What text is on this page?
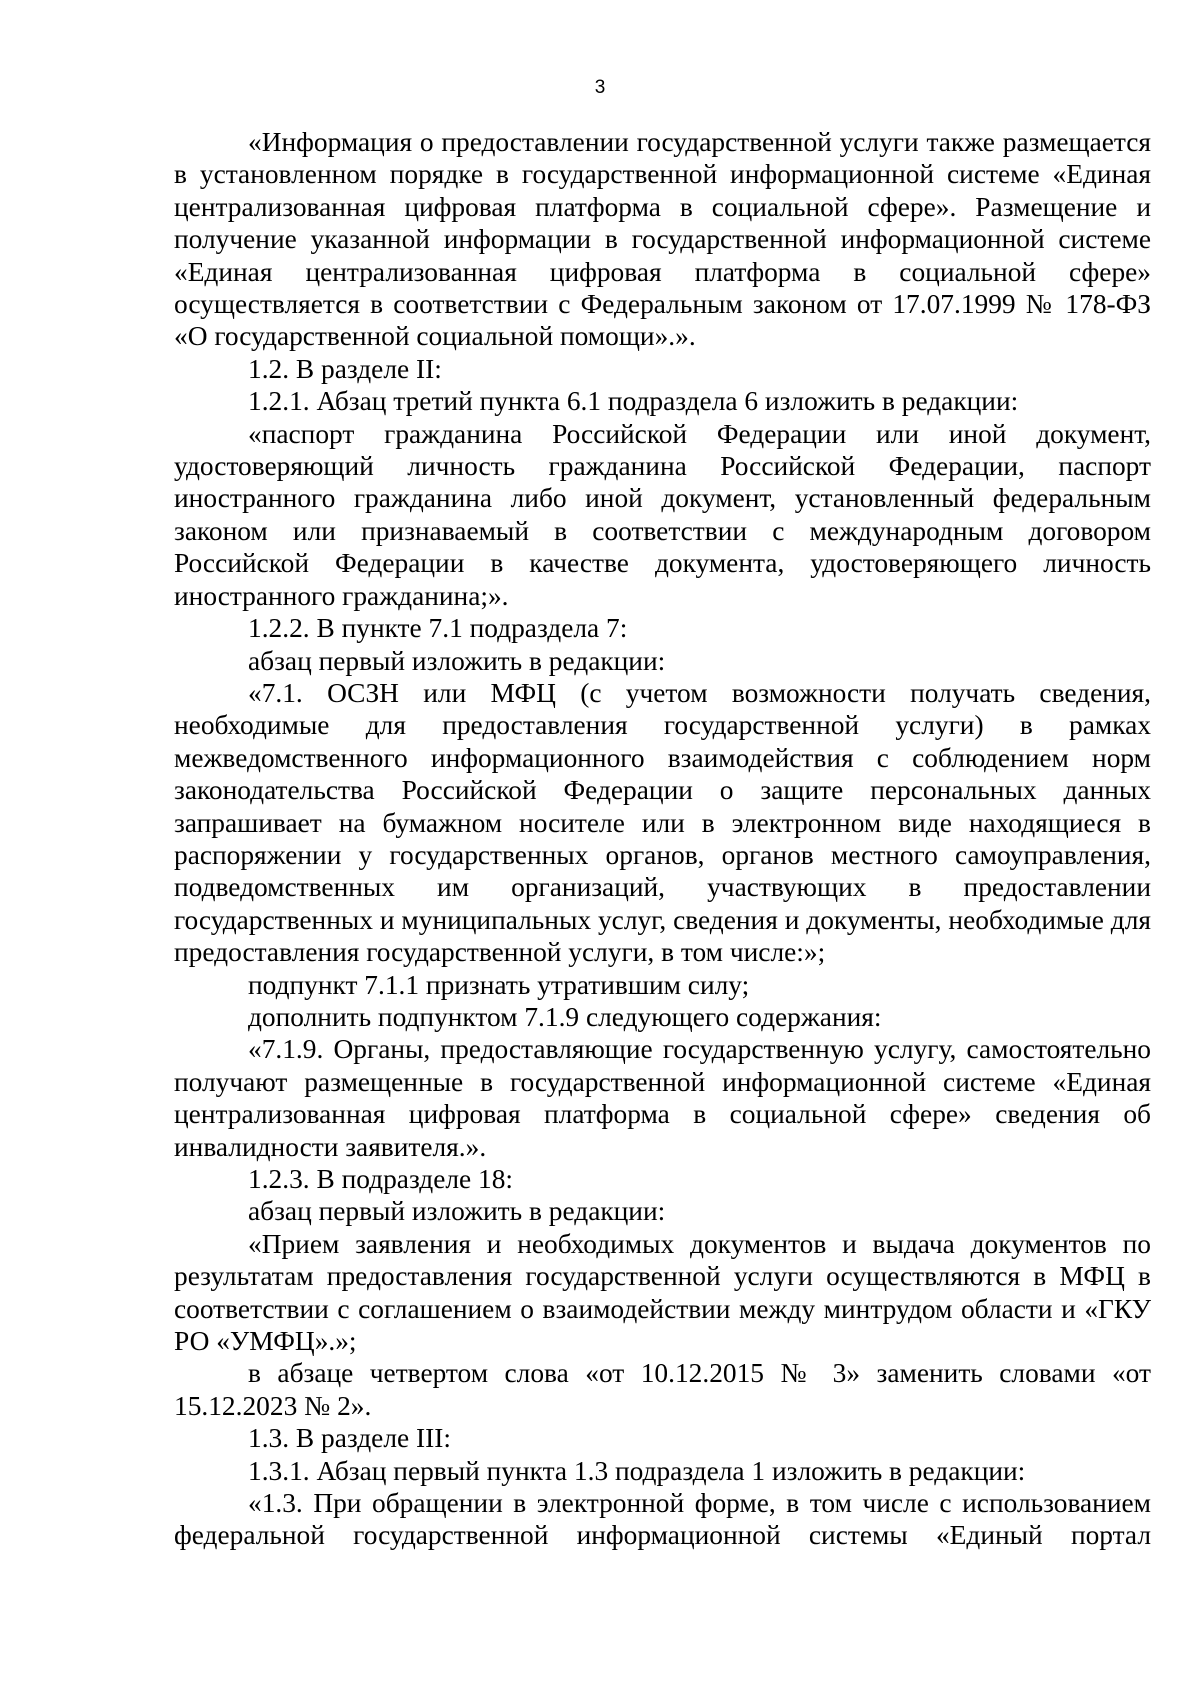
3

«Информация о предоставлении государственной услуги также размещается в установленном порядке в государственной информационной системе «Единая централизованная цифровая платформа в социальной сфере». Размещение и получение указанной информации в государственной информационной системе «Единая централизованная цифровая платформа в социальной сфере» осуществляется в соответствии с Федеральным законом от 17.07.1999 № 178-ФЗ «О государственной социальной помощи».».

1.2. В разделе II:

1.2.1. Абзац третий пункта 6.1 подраздела 6 изложить в редакции:

«паспорт гражданина Российской Федерации или иной документ, удостоверяющий личность гражданина Российской Федерации, паспорт иностранного гражданина либо иной документ, установленный федеральным законом или признаваемый в соответствии с международным договором Российской Федерации в качестве документа, удостоверяющего личность иностранного гражданина;».

1.2.2. В пункте 7.1 подраздела 7:

абзац первый изложить в редакции:

«7.1. ОСЗН или МФЦ (с учетом возможности получать сведения, необходимые для предоставления государственной услуги) в рамках межведомственного информационного взаимодействия с соблюдением норм законодательства Российской Федерации о защите персональных данных запрашивает на бумажном носителе или в электронном виде находящиеся в распоряжении у государственных органов, органов местного самоуправления, подведомственных им организаций, участвующих в предоставлении государственных и муниципальных услуг, сведения и документы, необходимые для предоставления государственной услуги, в том числе:»;

подпункт 7.1.1 признать утратившим силу;

дополнить подпунктом 7.1.9 следующего содержания:

«7.1.9. Органы, предоставляющие государственную услугу, самостоятельно получают размещенные в государственной информационной системе «Единая централизованная цифровая платформа в социальной сфере» сведения об инвалидности заявителя.».

1.2.3. В подразделе 18:

абзац первый изложить в редакции:

«Прием заявления и необходимых документов и выдача документов по результатам предоставления государственной услуги осуществляются в МФЦ в соответствии с соглашением о взаимодействии между минтрудом области и «ГКУ РО «УМФЦ».»;

в абзаце четвертом слова «от 10.12.2015 № 3» заменить словами «от 15.12.2023 № 2».

1.3. В разделе III:

1.3.1. Абзац первый пункта 1.3 подраздела 1 изложить в редакции:

«1.3. При обращении в электронной форме, в том числе с использованием федеральной государственной информационной системы «Единый портал
